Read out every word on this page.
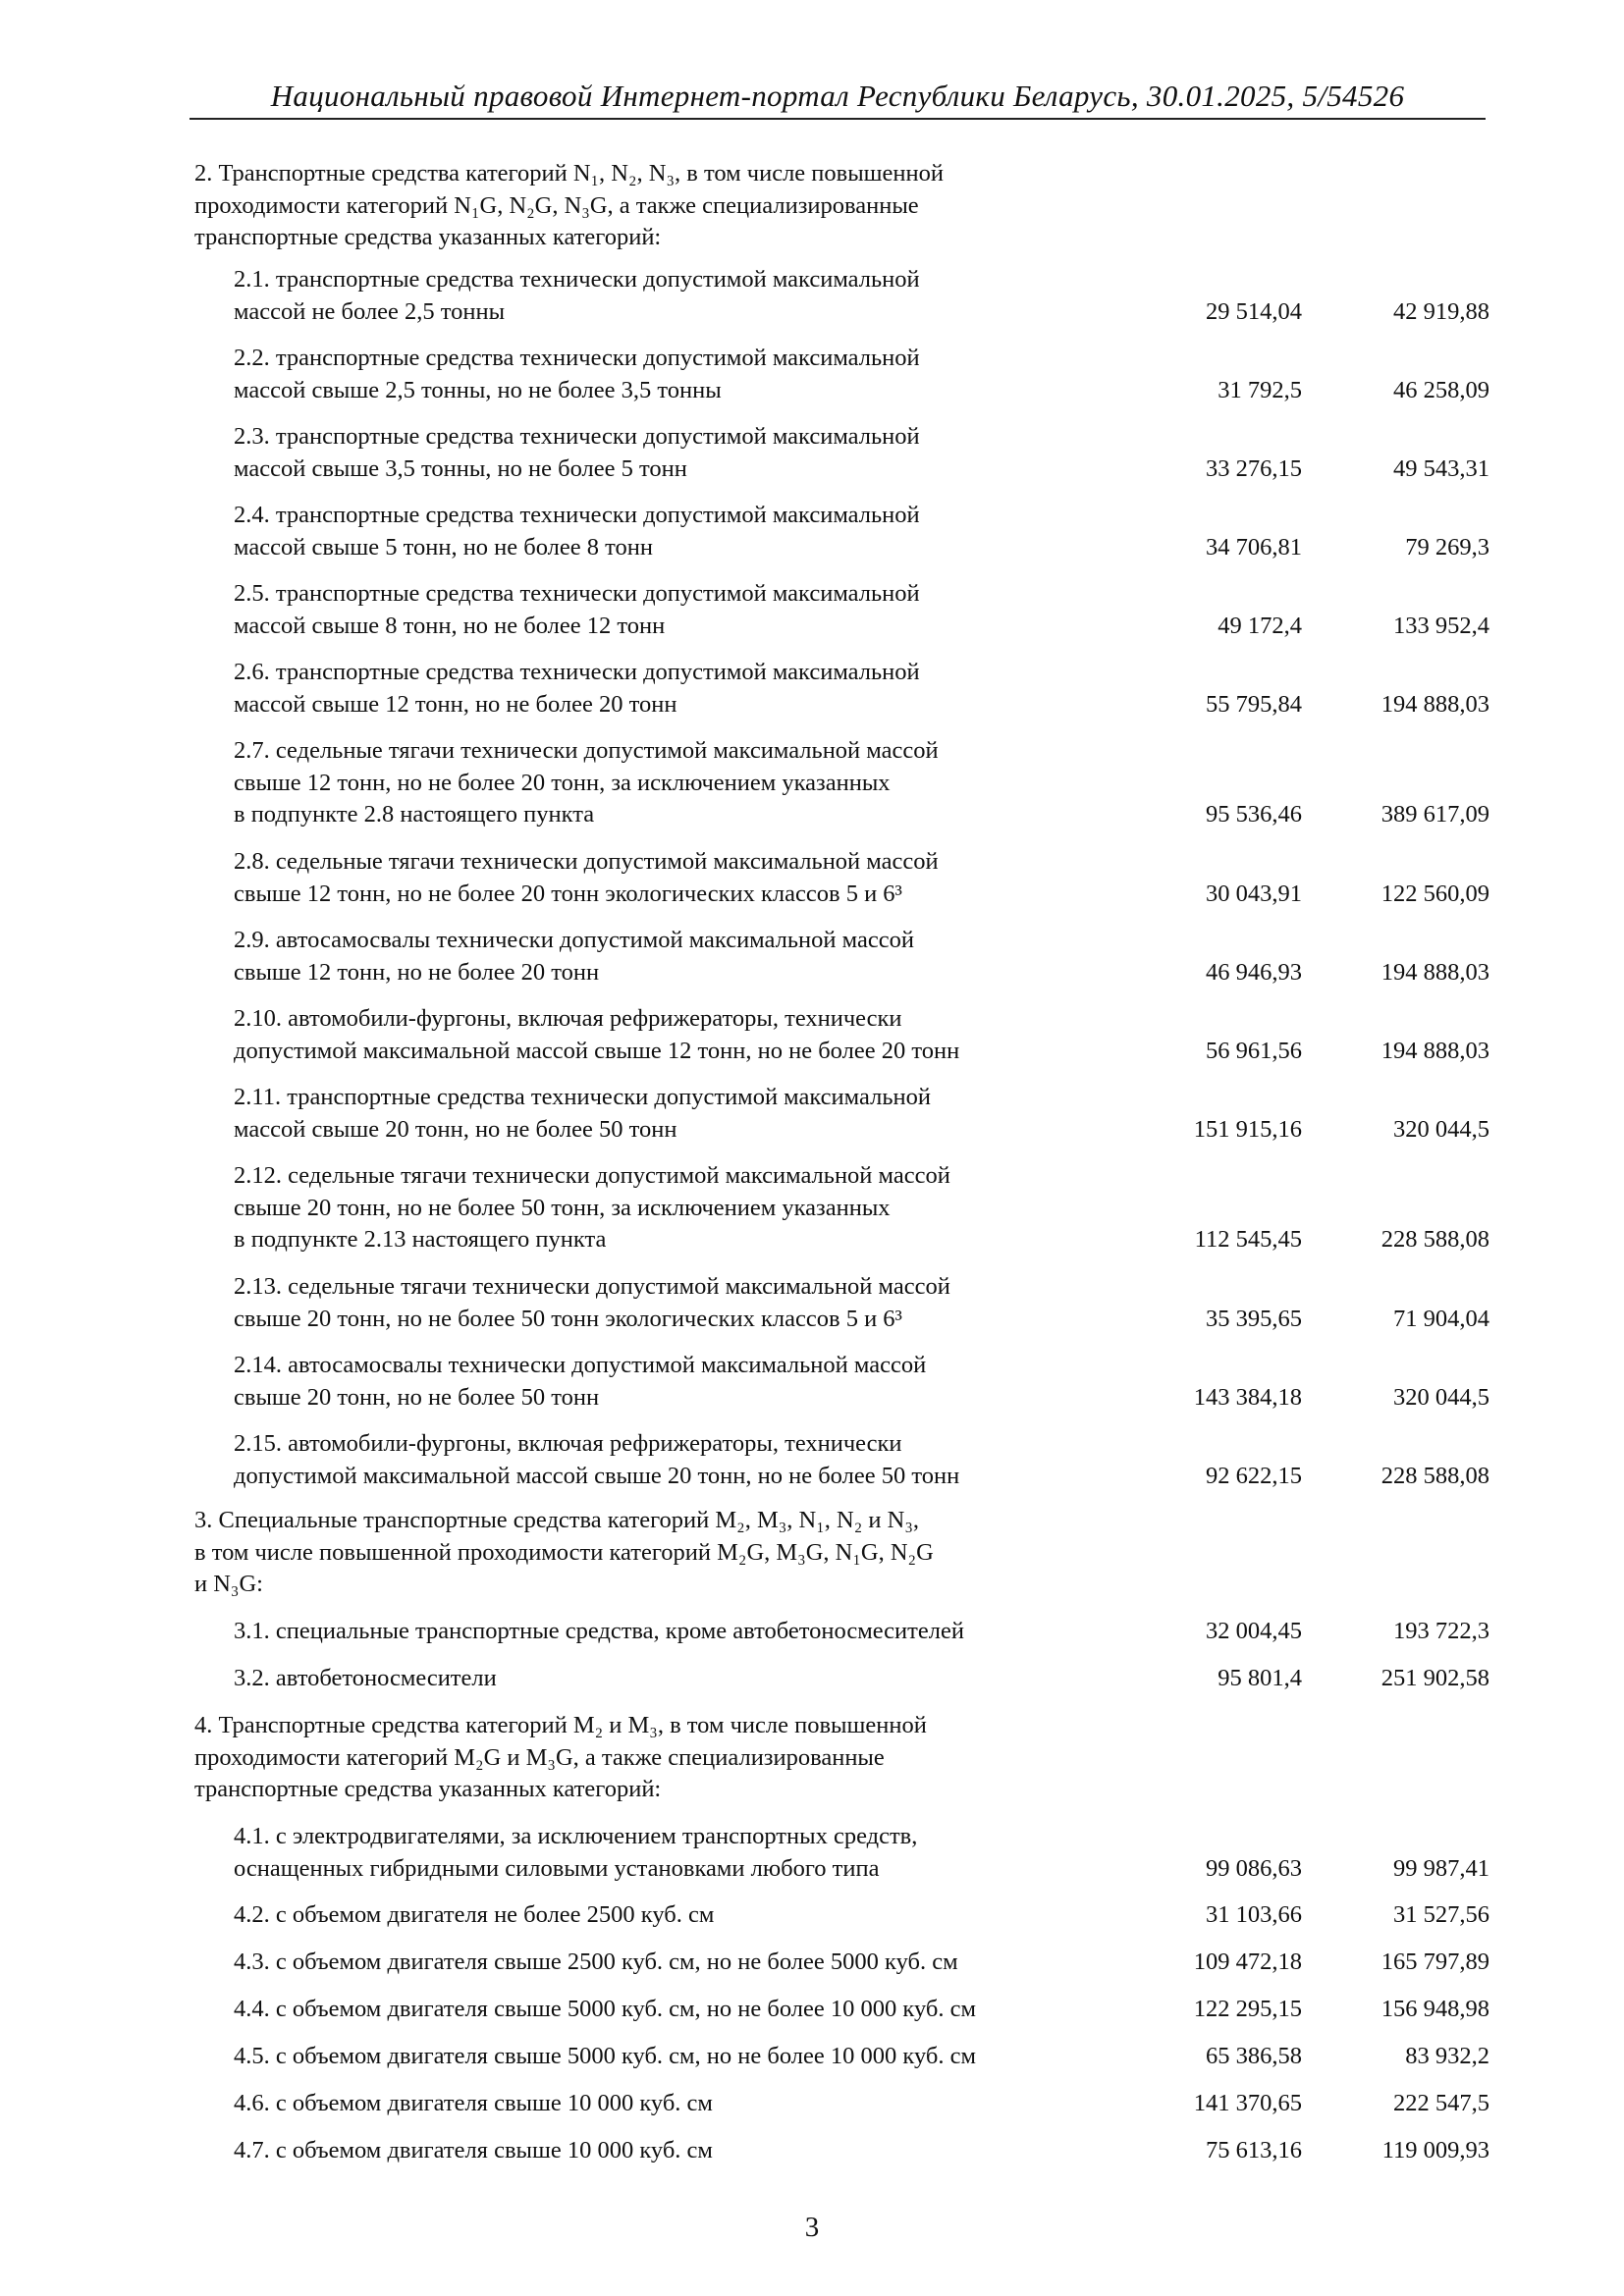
Национальный правовой Интернет-портал Республики Беларусь, 30.01.2025, 5/54526
2. Транспортные средства категорий N₁, N₂, N₃, в том числе повышенной
проходимости категорий N₁G, N₂G, N₃G, а также специализированные
транспортные средства указанных категорий:
2.1. транспортные средства технически допустимой максимальной
массой не более 2,5 тонны	29 514,04	42 919,88
2.2. транспортные средства технически допустимой максимальной
массой свыше 2,5 тонны, но не более 3,5 тонны	31 792,5	46 258,09
2.3. транспортные средства технически допустимой максимальной
массой свыше 3,5 тонны, но не более 5 тонн	33 276,15	49 543,31
2.4. транспортные средства технически допустимой максимальной
массой свыше 5 тонн, но не более 8 тонн	34 706,81	79 269,3
2.5. транспортные средства технически допустимой максимальной
массой свыше 8 тонн, но не более 12 тонн	49 172,4	133 952,4
2.6. транспортные средства технически допустимой максимальной
массой свыше 12 тонн, но не более 20 тонн	55 795,84	194 888,03
2.7. седельные тягачи технически допустимой максимальной массой
свыше 12 тонн, но не более 20 тонн, за исключением указанных
в подпункте 2.8 настоящего пункта	95 536,46	389 617,09
2.8. седельные тягачи технически допустимой максимальной массой
свыше 12 тонн, но не более 20 тонн экологических классов 5 и 6³	30 043,91	122 560,09
2.9. автосамосвалы технически допустимой максимальной массой
свыше 12 тонн, но не более 20 тонн	46 946,93	194 888,03
2.10. автомобили-фургоны, включая рефрижераторы, технически
допустимой максимальной массой свыше 12 тонн, но не более 20 тонн	56 961,56	194 888,03
2.11. транспортные средства технически допустимой максимальной
массой свыше 20 тонн, но не более 50 тонн	151 915,16	320 044,5
2.12. седельные тягачи технически допустимой максимальной массой
свыше 20 тонн, но не более 50 тонн, за исключением указанных
в подпункте 2.13 настоящего пункта	112 545,45	228 588,08
2.13. седельные тягачи технически допустимой максимальной массой
свыше 20 тонн, но не более 50 тонн экологических классов 5 и 6³	35 395,65	71 904,04
2.14. автосамосвалы технически допустимой максимальной массой
свыше 20 тонн, но не более 50 тонн	143 384,18	320 044,5
2.15. автомобили-фургоны, включая рефрижераторы, технически
допустимой максимальной массой свыше 20 тонн, но не более 50 тонн	92 622,15	228 588,08
3. Специальные транспортные средства категорий M₂, M₃, N₁, N₂ и N₃,
в том числе повышенной проходимости категорий M₂G, M₃G, N₁G, N₂G
и N₃G:
3.1. специальные транспортные средства, кроме автобетоносмесителей	32 004,45	193 722,3
3.2. автобетоносмесители	95 801,4	251 902,58
4. Транспортные средства категорий M₂ и M₃, в том числе повышенной
проходимости категорий M₂G и M₃G, а также специализированные
транспортные средства указанных категорий:
4.1. с электродвигателями, за исключением транспортных средств,
оснащенных гибридными силовыми установками любого типа	99 086,63	99 987,41
4.2. с объемом двигателя не более 2500 куб. см	31 103,66	31 527,56
4.3. с объемом двигателя свыше 2500 куб. см, но не более 5000 куб. см	109 472,18	165 797,89
4.4. с объемом двигателя свыше 5000 куб. см, но не более 10 000 куб. см	122 295,15	156 948,98
4.5. с объемом двигателя свыше 5000 куб. см, но не более 10 000 куб. см	65 386,58	83 932,2
4.6. с объемом двигателя свыше 10 000 куб. см	141 370,65	222 547,5
4.7. с объемом двигателя свыше 10 000 куб. см	75 613,16	119 009,93
3
